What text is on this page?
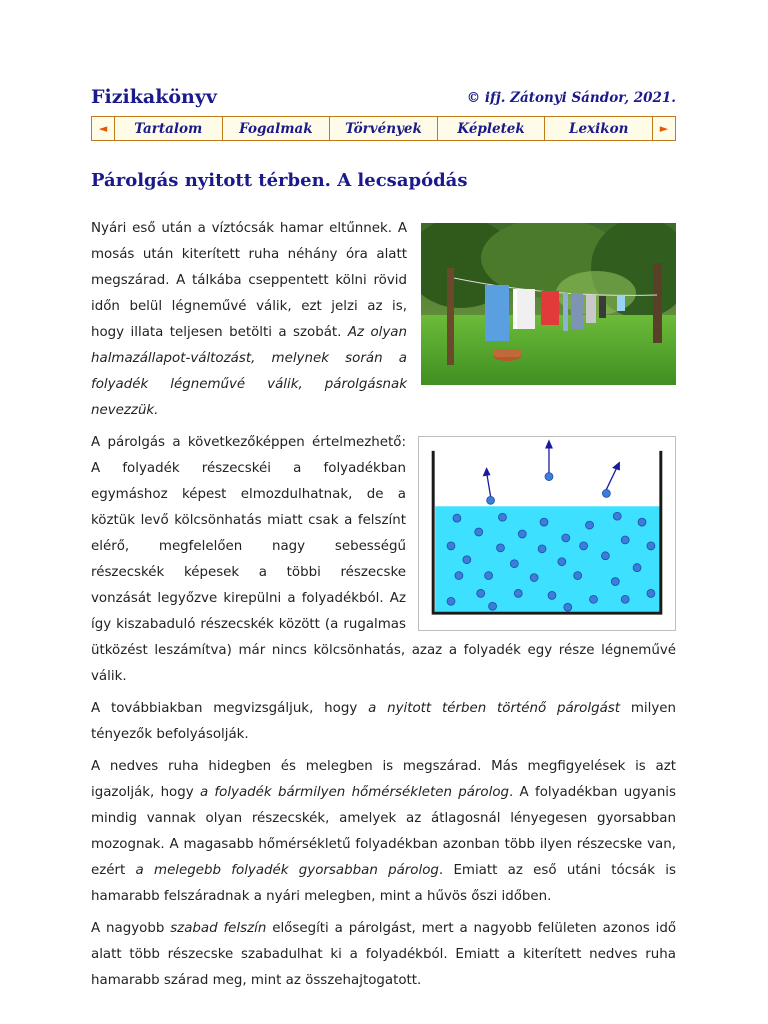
Fizikakönyv	© ifj. Zátonyi Sándor, 2021.
◄	Tartalom	Fogalmak	Törvények	Képletek	Lexikon	►
Párolgás nyitott térben. A lecsapódás

Nyári eső után a víztócsák hamar eltűnnek. A mosás után kiterített ruha néhány óra alatt megszárad. A tálkába cseppentett kölni rövid időn belül légneművé válik, ezt jelzi az is, hogy illata teljesen betölti a szobát. Az olyan halmazállapot-változást, melynek során a folyadék légneművé válik, párolgásnak nevezzük.

A párolgás a következőképpen értelmezhető: A folyadék részecskéi a folyadékban egymáshoz képest elmozdulhatnak, de a köztük levő kölcsönhatás miatt csak a felszínt elérő, megfelelően nagy sebességű részecskék képesek a többi részecske vonzását legyőzve kirepülni a folyadékból. Az így kiszabaduló részecskék között (a rugalmas ütközést leszámítva) már nincs kölcsönhatás, azaz a folyadék egy része légneművé válik.

A továbbiakban megvizsgáljuk, hogy a nyitott térben történő párolgást milyen tényezők befolyásolják.

A nedves ruha hidegben és melegben is megszárad. Más megfigyelések is azt igazolják, hogy a folyadék bármilyen hőmérsékleten párolog. A folyadékban ugyanis mindig vannak olyan részecskék, amelyek az átlagosnál lényegesen gyorsabban mozognak. A magasabb hőmérsékletű folyadékban azonban több ilyen részecske van, ezért a melegebb folyadék gyorsabban párolog. Emiatt az eső utáni tócsák is hamarabb felszáradnak a nyári melegben, mint a hűvös őszi időben.

A nagyobb szabad felszín elősegíti a párolgást, mert a nagyobb felületen azonos idő alatt több részecske szabadulhat ki a folyadékból. Emiatt a kiterített nedves ruha hamarabb szárad meg, mint az összehajtogatott.
